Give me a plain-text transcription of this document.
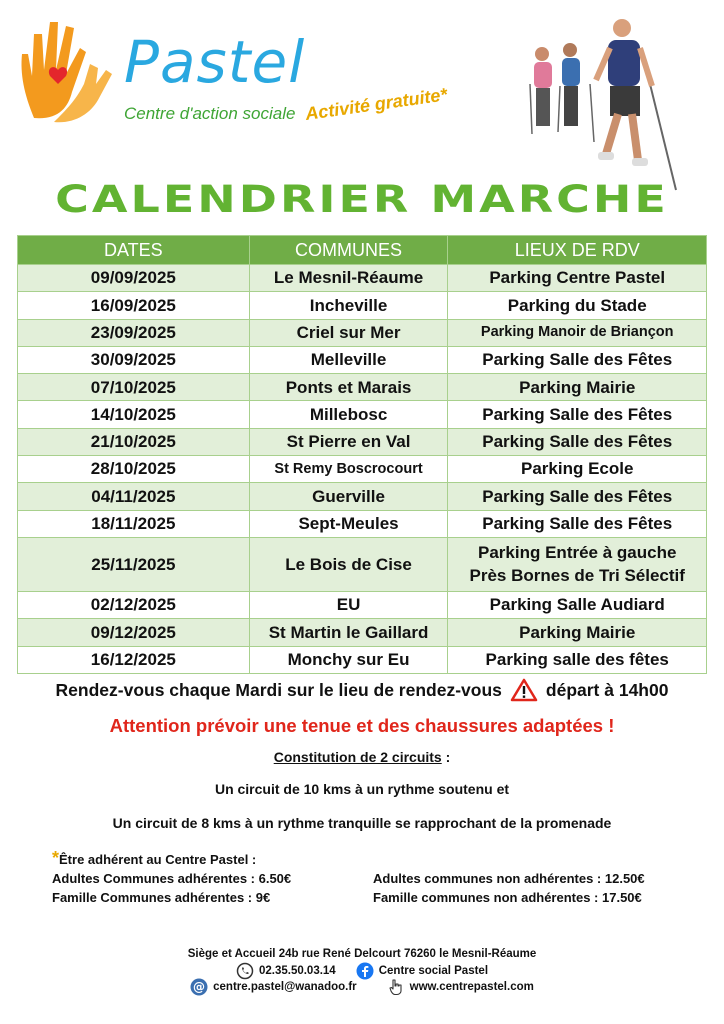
Pastel
Centre d'action sociale Activité gratuite*
CALENDRIER MARCHE
DATES	COMMUNES	LIEUX DE RDV
09/09/2025	Le Mesnil-Réaume	Parking Centre Pastel
16/09/2025	Incheville	Parking du Stade
23/09/2025	Criel sur Mer	Parking Manoir de Briançon
30/09/2025	Melleville	Parking Salle des Fêtes
07/10/2025	Ponts et Marais	Parking Mairie
14/10/2025	Millebosc	Parking Salle des Fêtes
21/10/2025	St Pierre en Val	Parking Salle des Fêtes
28/10/2025	St Remy Boscrocourt	Parking Ecole
04/11/2025	Guerville	Parking Salle des Fêtes
18/11/2025	Sept-Meules	Parking Salle des Fêtes
25/11/2025	Le Bois de Cise	Parking Entrée à gauche
Près Bornes de Tri Sélectif

02/12/2025	EU	Parking Salle Audiard
09/12/2025	St Martin le Gaillard	Parking Mairie
16/12/2025	Monchy sur Eu	Parking salle des fêtes
Rendez-vous chaque Mardi sur le lieu de rendez-vous	départ à 14h00
Attention prévoir une tenue et des chaussures adaptées !
Constitution de 2 circuits :
Un circuit de 10 kms à un rythme soutenu et
Un circuit de 8 kms à un rythme tranquille se rapprochant de la promenade
*Être adhérent au Centre Pastel :
Adultes Communes adhérentes : 6.50€
Famille Communes adhérentes : 9€
Adultes communes non adhérentes : 12.50€
Famille communes non adhérentes : 17.50€
Siège et Accueil 24b rue René Delcourt 76260 le Mesnil-Réaume
02.35.50.03.14	Centre social Pastel
@ centre.pastel@wanadoo.fr	www.centrepastel.com
